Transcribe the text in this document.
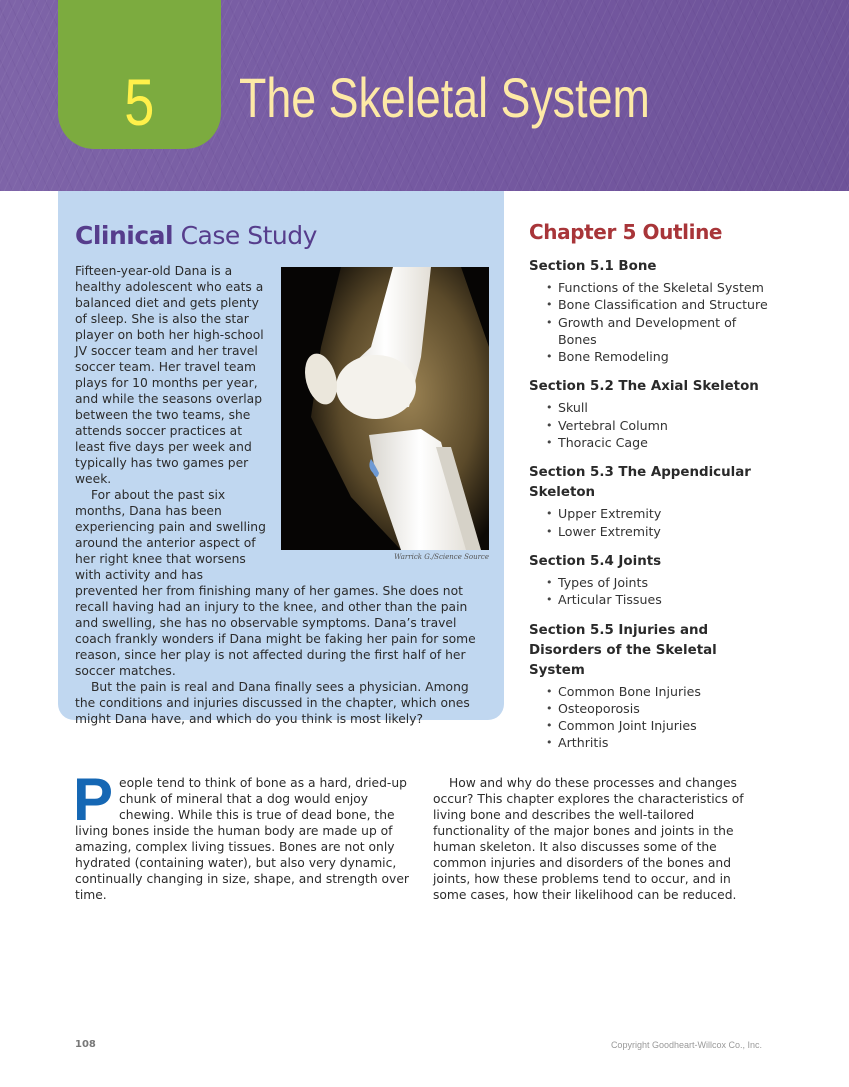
5 The Skeletal System
Clinical Case Study

Fifteen-year-old Dana is a healthy adolescent who eats a balanced diet and gets plenty of sleep. She is also the star player on both her high-school JV soccer team and her travel soccer team. Her travel team plays for 10 months per year, and while the seasons overlap between the two teams, she attends soccer practices at least five days per week and typically has two games per week.

For about the past six months, Dana has been experiencing pain and swelling around the anterior aspect of her right knee that worsens with activity and has prevented her from finishing many of her games. She does not recall having had an injury to the knee, and other than the pain and swelling, she has no observable symptoms. Dana’s travel coach frankly wonders if Dana might be faking her pain for some reason, since her play is not affected during the first half of her soccer matches.

But the pain is real and Dana finally sees a physician. Among the conditions and injuries discussed in the chapter, which ones might Dana have, and which do you think is most likely?

Warrick G./Science Source
Chapter 5 Outline
Section 5.1 Bone
• Functions of the Skeletal System
• Bone Classification and Structure
• Growth and Development of Bones
• Bone Remodeling
Section 5.2 The Axial Skeleton
• Skull
• Vertebral Column
• Thoracic Cage
Section 5.3 The Appendicular Skeleton
• Upper Extremity
• Lower Extremity
Section 5.4 Joints
• Types of Joints
• Articular Tissues
Section 5.5 Injuries and Disorders of the Skeletal System
• Common Bone Injuries
• Osteoporosis
• Common Joint Injuries
• Arthritis
People tend to think of bone as a hard, dried-up chunk of mineral that a dog would enjoy chewing. While this is true of dead bone, the living bones inside the human body are made up of amazing, complex living tissues. Bones are not only hydrated (containing water), but also very dynamic, continually changing in size, shape, and strength over time.
How and why do these processes and changes occur? This chapter explores the characteristics of living bone and describes the well-tailored functionality of the major bones and joints in the human skeleton. It also discusses some of the common injuries and disorders of the bones and joints, how these problems tend to occur, and in some cases, how their likelihood can be reduced.
108	Copyright Goodheart-Willcox Co., Inc.
